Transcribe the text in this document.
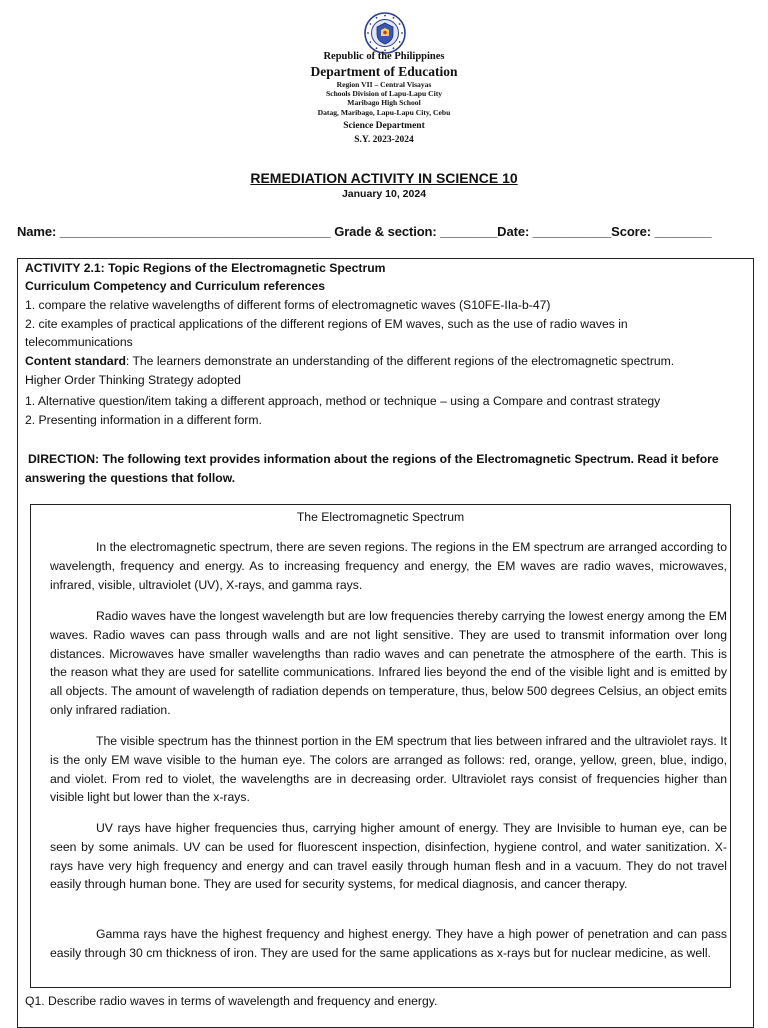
Republic of the Philippines
Department of Education
Region VII – Central Visayas
Schools Division of Lapu-Lapu City
Maribago High School
Datag, Maribago, Lapu-Lapu City, Cebu
Science Department
S.Y. 2023-2024
REMEDIATION ACTIVITY IN SCIENCE 10
January 10, 2024
Name: ______________________________________ Grade & section: ________Date: ___________Score: ________
ACTIVITY 2.1: Topic Regions of the Electromagnetic Spectrum
Curriculum Competency and Curriculum references
1. compare the relative wavelengths of different forms of electromagnetic waves (S10FE-IIa-b-47)
2. cite examples of practical applications of the different regions of EM waves, such as the use of radio waves in
telecommunications
Content standard: The learners demonstrate an understanding of the different regions of the electromagnetic spectrum.
Higher Order Thinking Strategy adopted
1. Alternative question/item taking a different approach, method or technique – using a Compare and contrast strategy
2. Presenting information in a different form.
DIRECTION: The following text provides information about the regions of the Electromagnetic Spectrum. Read it before
answering the questions that follow.
The Electromagnetic Spectrum

In the electromagnetic spectrum, there are seven regions. The regions in the EM spectrum are arranged according to wavelength, frequency and energy. As to increasing frequency and energy, the EM waves are radio waves, microwaves, infrared, visible, ultraviolet (UV), X-rays, and gamma rays.

Radio waves have the longest wavelength but are low frequencies thereby carrying the lowest energy among the EM waves. Radio waves can pass through walls and are not light sensitive. They are used to transmit information over long distances. Microwaves have smaller wavelengths than radio waves and can penetrate the atmosphere of the earth. This is the reason what they are used for satellite communications. Infrared lies beyond the end of the visible light and is emitted by all objects. The amount of wavelength of radiation depends on temperature, thus, below 500 degrees Celsius, an object emits only infrared radiation.

The visible spectrum has the thinnest portion in the EM spectrum that lies between infrared and the ultraviolet rays. It is the only EM wave visible to the human eye. The colors are arranged as follows: red, orange, yellow, green, blue, indigo, and violet. From red to violet, the wavelengths are in decreasing order. Ultraviolet rays consist of frequencies higher than visible light but lower than the x-rays.

UV rays have higher frequencies thus, carrying higher amount of energy. They are Invisible to human eye, can be seen by some animals. UV can be used for fluorescent inspection, disinfection, hygiene control, and water sanitization. X-rays have very high frequency and energy and can travel easily through human flesh and in a vacuum. They do not travel easily through human bone. They are used for security systems, for medical diagnosis, and cancer therapy.

Gamma rays have the highest frequency and highest energy. They have a high power of penetration and can pass easily through 30 cm thickness of iron. They are used for the same applications as x-rays but for nuclear medicine, as well.

Q1. Describe radio waves in terms of wavelength and frequency and energy.
